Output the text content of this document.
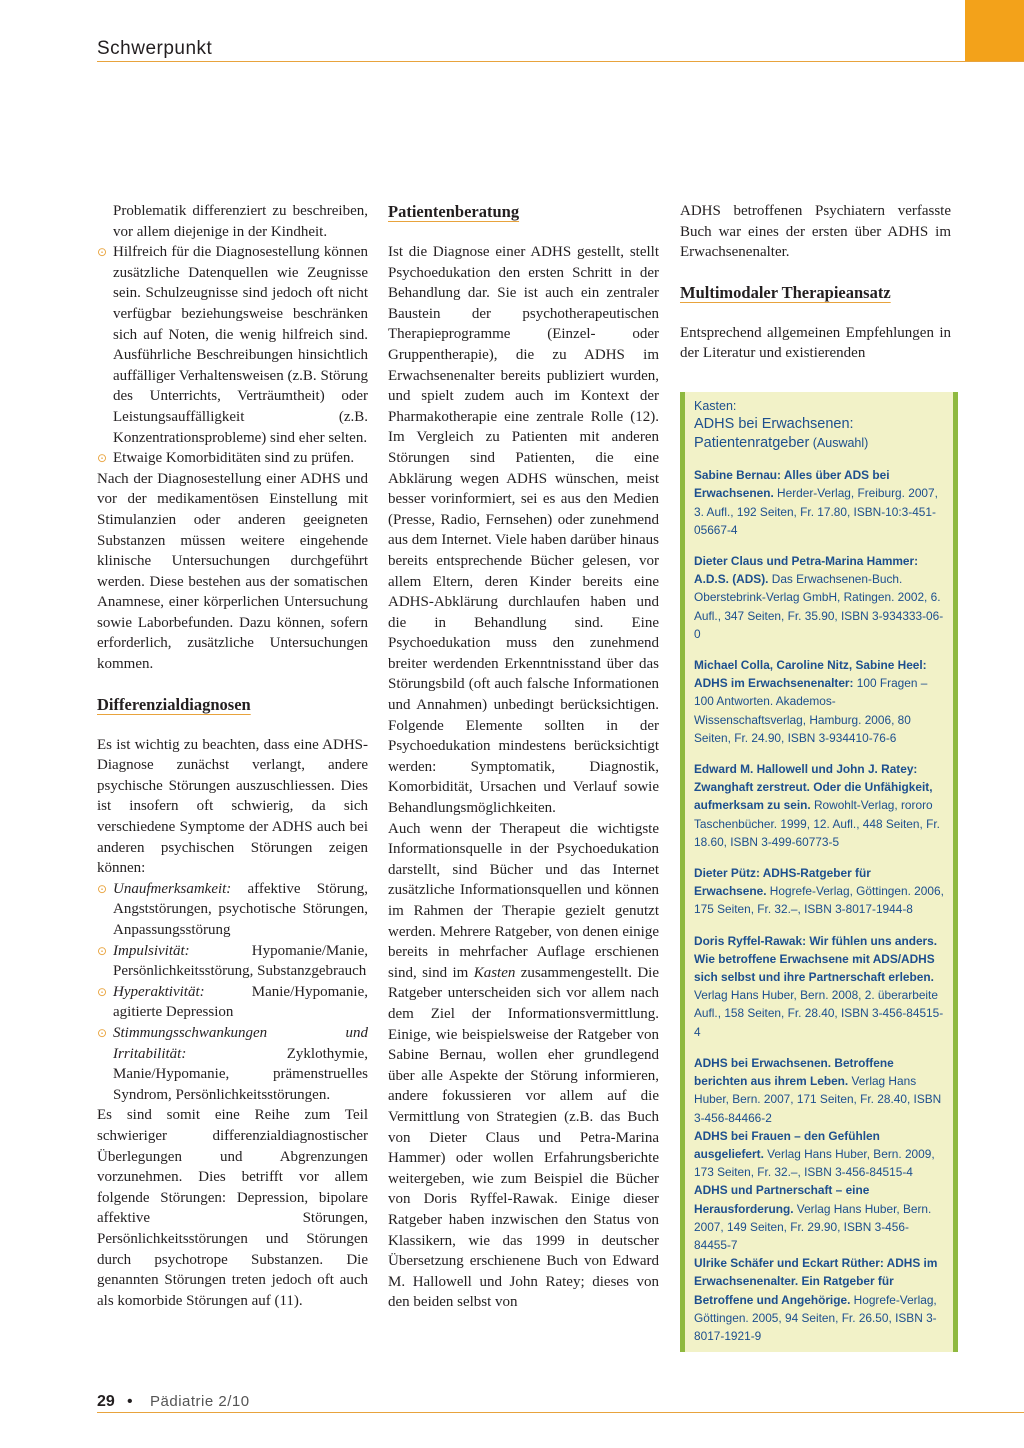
Schwerpunkt

Problematik differenziert zu beschreiben, vor allem diejenige in der Kindheit.

⊙ Hilfreich für die Diagnosestellung können zusätzliche Datenquellen wie Zeugnisse sein. Schulzeugnisse sind jedoch oft nicht verfügbar beziehungsweise beschränken sich auf Noten, die wenig hilfreich sind. Ausführliche Beschreibungen hinsichtlich auffälliger Verhaltensweisen (z.B. Störung des Unterrichts, Verträumtheit) oder Leistungsauffälligkeit (z.B. Konzentrationsprobleme) sind eher selten.
⊙ Etwaige Komorbiditäten sind zu prüfen.

Nach der Diagnosestellung einer ADHS und vor der medikamentösen Einstellung mit Stimulanzien oder anderen geeigneten Substanzen müssen weitere eingehende klinische Untersuchungen durchgeführt werden. Diese bestehen aus der somatischen Anamnese, einer körperlichen Untersuchung sowie Laborbefunden. Dazu können, sofern erforderlich, zusätzliche Untersuchungen kommen.

Differenzialdiagnosen

Es ist wichtig zu beachten, dass eine ADHS-Diagnose zunächst verlangt, andere psychische Störungen auszuschliessen. Dies ist insofern oft schwierig, da sich verschiedene Symptome der ADHS auch bei anderen psychischen Störungen zeigen können:

⊙ Unaufmerksamkeit: affektive Störung, Angststörungen, psychotische Störungen, Anpassungsstörung
⊙ Impulsivität: Hypomanie/Manie, Persönlichkeitsstörung, Substanzgebrauch
⊙ Hyperaktivität: Manie/Hypomanie, agitierte Depression
⊙ Stimmungsschwankungen und Irritabilität: Zyklothymie, Manie/Hypomanie, prämenstruelles Syndrom, Persönlichkeitsstörungen.

Es sind somit eine Reihe zum Teil schwieriger differenzialdiagnostischer Überlegungen und Abgrenzungen vorzunehmen. Dies betrifft vor allem folgende Störungen: Depression, bipolare affektive Störungen, Persönlichkeitsstörungen und Störungen durch psychotrope Substanzen. Die genannten Störungen treten jedoch oft auch als komorbide Störungen auf (11).

Patientenberatung

Ist die Diagnose einer ADHS gestellt, stellt Psychoedukation den ersten Schritt in der Behandlung dar. Sie ist auch ein zentraler Baustein der psychotherapeutischen Therapieprogramme (Einzel- oder Gruppentherapie), die zu ADHS im Erwachsenenalter bereits publiziert wurden, und spielt zudem auch im Kontext der Pharmakotherapie eine zentrale Rolle (12). Im Vergleich zu Patienten mit anderen Störungen sind Patienten, die eine Abklärung wegen ADHS wünschen, meist besser vorinformiert, sei es aus den Medien (Presse, Radio, Fernsehen) oder zunehmend aus dem Internet. Viele haben darüber hinaus bereits entsprechende Bücher gelesen, vor allem Eltern, deren Kinder bereits eine ADHS-Abklärung durchlaufen haben und die in Behandlung sind. Eine Psychoedukation muss den zunehmend breiter werdenden Erkenntnisstand über das Störungsbild (oft auch falsche Informationen und Annahmen) unbedingt berücksichtigen. Folgende Elemente sollten in der Psychoedukation mindestens berücksichtigt werden: Symptomatik, Diagnostik, Komorbidität, Ursachen und Verlauf sowie Behandlungsmöglichkeiten.

Auch wenn der Therapeut die wichtigste Informationsquelle in der Psychoedukation darstellt, sind Bücher und das Internet zusätzliche Informationsquellen und können im Rahmen der Therapie gezielt genutzt werden. Mehrere Ratgeber, von denen einige bereits in mehrfacher Auflage erschienen sind, sind im Kasten zusammengestellt. Die Ratgeber unterscheiden sich vor allem nach dem Ziel der Informationsvermittlung. Einige, wie beispielsweise der Ratgeber von Sabine Bernau, wollen eher grundlegend über alle Aspekte der Störung informieren, andere fokussieren vor allem auf die Vermittlung von Strategien (z.B. das Buch von Dieter Claus und Petra-Marina Hammer) oder wollen Erfahrungsberichte weitergeben, wie zum Beispiel die Bücher von Doris Ryffel-Rawak. Einige dieser Ratgeber haben inzwischen den Status von Klassikern, wie das 1999 in deutscher Übersetzung erschienene Buch von Edward M. Hallowell und John Ratey; dieses von den beiden selbst von

ADHS betroffenen Psychiatern verfasste Buch war eines der ersten über ADHS im Erwachsenenalter.

Multimodaler Therapieansatz

Entsprechend allgemeinen Empfehlungen in der Literatur und existierenden

Kasten:
ADHS bei Erwachsenen:
Patientenratgeber (Auswahl)

Sabine Bernau: Alles über ADS bei Erwachsenen. Herder-Verlag, Freiburg. 2007, 3. Aufl., 192 Seiten, Fr. 17.80, ISBN-10:3-451-05667-4

Dieter Claus und Petra-Marina Hammer: A.D.S. (ADS). Das Erwachsenen-Buch. Oberstebrink-Verlag GmbH, Ratingen. 2002, 6. Aufl., 347 Seiten, Fr. 35.90, ISBN 3-934333-06-0

Michael Colla, Caroline Nitz, Sabine Heel: ADHS im Erwachsenenalter: 100 Fragen – 100 Antworten. Akademos-Wissenschaftsverlag, Hamburg. 2006, 80 Seiten, Fr. 24.90, ISBN 3-934410-76-6

Edward M. Hallowell und John J. Ratey: Zwanghaft zerstreut. Oder die Unfähigkeit, aufmerksam zu sein. Rowohlt-Verlag, rororo Taschenbücher. 1999, 12. Aufl., 448 Seiten, Fr. 18.60, ISBN 3-499-60773-5

Dieter Pütz: ADHS-Ratgeber für Erwachsene. Hogrefe-Verlag, Göttingen. 2006, 175 Seiten, Fr. 32.–, ISBN 3-8017-1944-8

Doris Ryffel-Rawak: Wir fühlen uns anders. Wie betroffene Erwachsene mit ADS/ADHS sich selbst und ihre Partnerschaft erleben. Verlag Hans Huber, Bern. 2008, 2. überarbeite Aufl., 158 Seiten, Fr. 28.40, ISBN 3-456-84515-4

ADHS bei Erwachsenen. Betroffene berichten aus ihrem Leben. Verlag Hans Huber, Bern. 2007, 171 Seiten, Fr. 28.40, ISBN 3-456-84466-2

ADHS bei Frauen – den Gefühlen ausgeliefert. Verlag Hans Huber, Bern. 2009, 173 Seiten, Fr. 32.–, ISBN 3-456-84515-4

ADHS und Partnerschaft – eine Herausforderung. Verlag Hans Huber, Bern. 2007, 149 Seiten, Fr. 29.90, ISBN 3-456-84455-7

Ulrike Schäfer und Eckart Rüther: ADHS im Erwachsenenalter. Ein Ratgeber für Betroffene und Angehörige. Hogrefe-Verlag, Göttingen. 2005, 94 Seiten, Fr. 26.50, ISBN 3-8017-1921-9

29 • Pädiatrie 2/10
